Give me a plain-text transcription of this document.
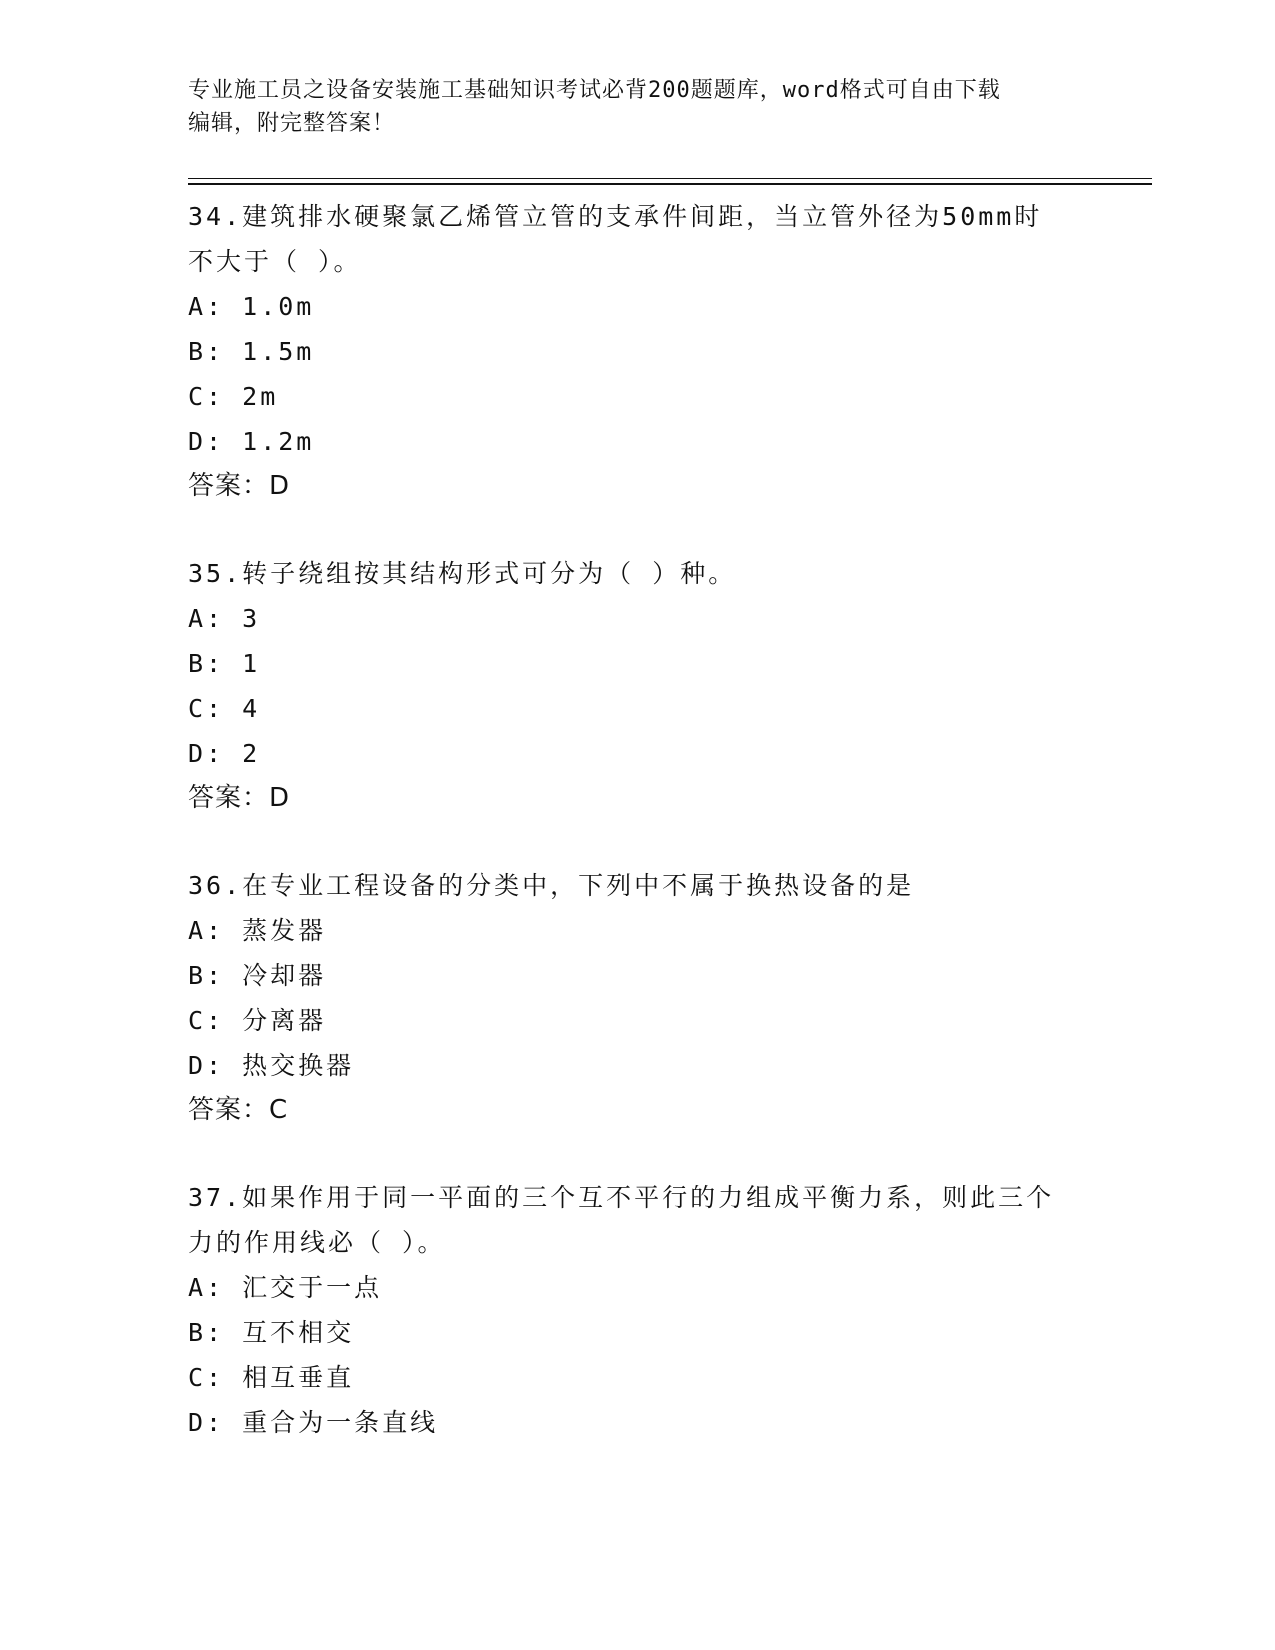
专业施工员之设备安装施工基础知识考试必背200题题库，word格式可自由下载
编辑，附完整答案！
34.建筑排水硬聚氯乙烯管立管的支承件间距，当立管外径为50mm时
不大于（ ）。
A: 1.0m
B: 1.5m
C: 2m
D: 1.2m
答案：D
35.转子绕组按其结构形式可分为（ ）种。
A: 3
B: 1
C: 4
D: 2
答案：D
36.在专业工程设备的分类中，下列中不属于换热设备的是
A: 蒸发器
B: 冷却器
C: 分离器
D: 热交换器
答案：C
37.如果作用于同一平面的三个互不平行的力组成平衡力系，则此三个
力的作用线必（ ）。
A: 汇交于一点
B: 互不相交
C: 相互垂直
D: 重合为一条直线
